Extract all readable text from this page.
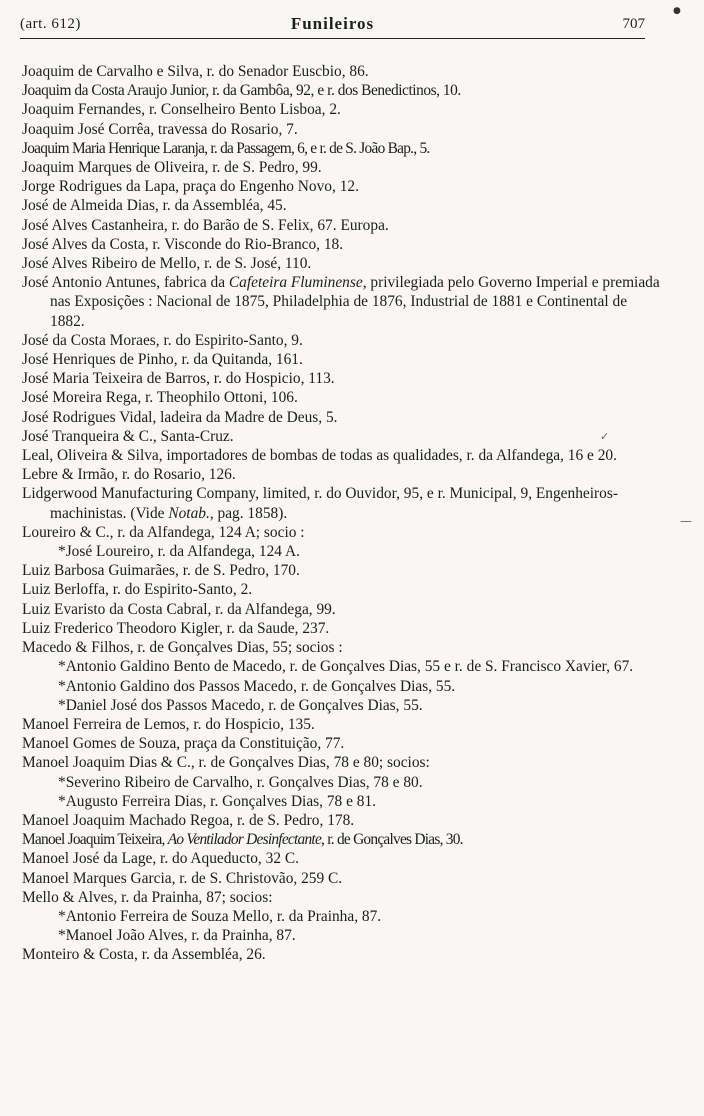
(art. 612)	Funileiros	707
●
Joaquim de Carvalho e Silva, r. do Senador Euscbio, 86.
Joaquim da Costa Araujo Junior, r. da Gambôa, 92, e r. dos Benedictinos, 10.
Joaquim Fernandes, r. Conselheiro Bento Lisboa, 2.
Joaquim José Corrêa, travessa do Rosario, 7.
Joaquim Maria Henrique Laranja, r. da Passagem, 6, e r. de S. João Bap., 5.
Joaquim Marques de Oliveira, r. de S. Pedro, 99.
Jorge Rodrigues da Lapa, praça do Engenho Novo, 12.
José de Almeida Dias, r. da Assembléa, 45.
José Alves Castanheira, r. do Barão de S. Felix, 67. Europa.
José Alves da Costa, r. Visconde do Rio-Branco, 18.
José Alves Ribeiro de Mello, r. de S. José, 110.
José Antonio Antunes, fabrica da Cafeteira Fluminense, privilegiada pelo Governo Imperial e premiada nas Exposições : Nacional de 1875, Philadelphia de 1876, Industrial de 1881 e Continental de 1882.
José da Costa Moraes, r. do Espirito-Santo, 9.
José Henriques de Pinho, r. da Quitanda, 161.
José Maria Teixeira de Barros, r. do Hospicio, 113.
José Moreira Rega, r. Theophilo Ottoni, 106.
José Rodrigues Vidal, ladeira da Madre de Deus, 5.
José Tranqueira & C., Santa-Cruz.
Leal, Oliveira & Silva, importadores de bombas de todas as qualidades, r. da Alfandega, 16 e 20.
Lebre & Irmão, r. do Rosario, 126.
Lidgerwood Manufacturing Company, limited, r. do Ouvidor, 95, e r. Municipal, 9, Engenheiros-machinistas. (Vide Notab., pag. 1858).
Loureiro & C., r. da Alfandega, 124 A; socio :
*José Loureiro, r. da Alfandega, 124 A.
Luiz Barbosa Guimarães, r. de S. Pedro, 170.
Luiz Berloffa, r. do Espirito-Santo, 2.
Luiz Evaristo da Costa Cabral, r. da Alfandega, 99.
Luiz Frederico Theodoro Kigler, r. da Saude, 237.
Macedo & Filhos, r. de Gonçalves Dias, 55; socios :
*Antonio Galdino Bento de Macedo, r. de Gonçalves Dias, 55 e r. de S. Francisco Xavier, 67.
*Antonio Galdino dos Passos Macedo, r. de Gonçalves Dias, 55.
*Daniel José dos Passos Macedo, r. de Gonçalves Dias, 55.
Manoel Ferreira de Lemos, r. do Hospicio, 135.
Manoel Gomes de Souza, praça da Constituição, 77.
Manoel Joaquim Dias & C., r. de Gonçalves Dias, 78 e 80; socios:
*Severino Ribeiro de Carvalho, r. Gonçalves Dias, 78 e 80.
*Augusto Ferreira Dias, r. Gonçalves Dias, 78 e 81.
Manoel Joaquim Machado Regoa, r. de S. Pedro, 178.
Manoel Joaquim Teixeira, Ao Ventilador Desinfectante, r. de Gonçalves Dias, 30.
Manoel José da Lage, r. do Aqueducto, 32 C.
Manoel Marques Garcia, r. de S. Christovão, 259 C.
Mello & Alves, r. da Prainha, 87; socios:
*Antonio Ferreira de Souza Mello, r. da Prainha, 87.
*Manoel João Alves, r. da Prainha, 87.
Monteiro & Costa, r. da Assembléa, 26.
✓
—
